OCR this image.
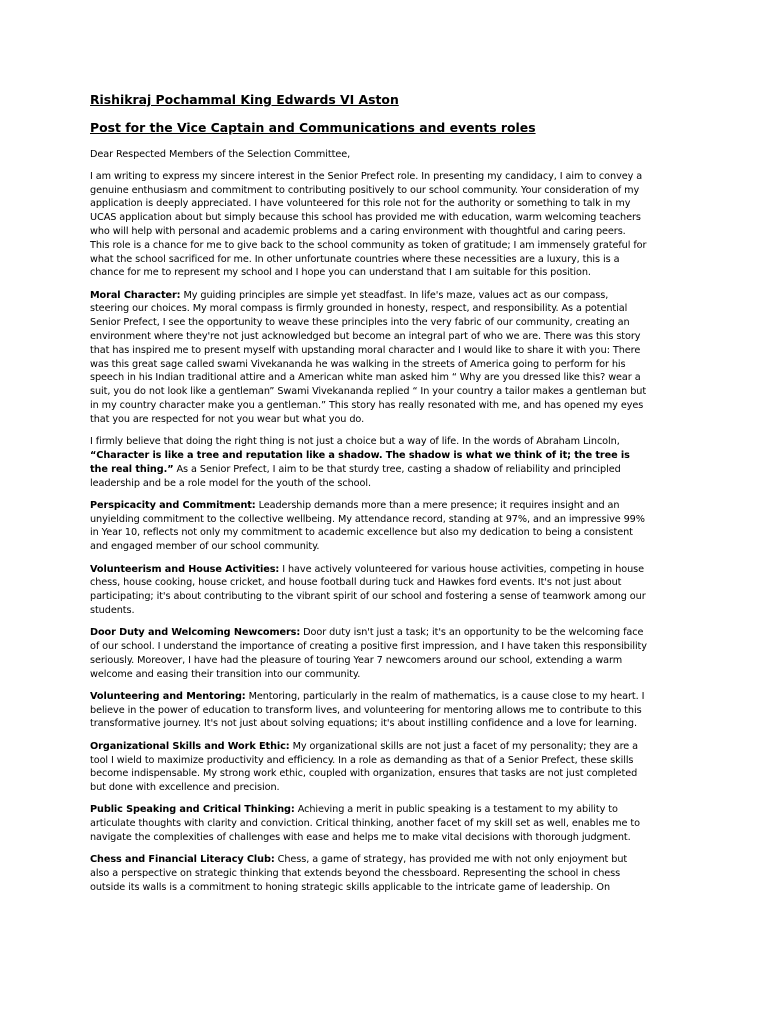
Rishikraj Pochammal King Edwards VI Aston

Post for the Vice Captain and Communications and events roles

Dear Respected Members of the Selection Committee,

I am writing to express my sincere interest in the Senior Prefect role. In presenting my candidacy, I aim to convey a
genuine enthusiasm and commitment to contributing positively to our school community. Your consideration of my
application is deeply appreciated. I have volunteered for this role not for the authority or something to talk in my
UCAS application about but simply because this school has provided me with education, warm welcoming teachers
who will help with personal and academic problems and a caring environment with thoughtful and caring peers.
This role is a chance for me to give back to the school community as token of gratitude; I am immensely grateful for
what the school sacrificed for me. In other unfortunate countries where these necessities are a luxury, this is a
chance for me to represent my school and I hope you can understand that I am suitable for this position.

Moral Character: My guiding principles are simple yet steadfast. In life's maze, values act as our compass,
steering our choices. My moral compass is firmly grounded in honesty, respect, and responsibility. As a potential
Senior Prefect, I see the opportunity to weave these principles into the very fabric of our community, creating an
environment where they're not just acknowledged but become an integral part of who we are. There was this story
that has inspired me to present myself with upstanding moral character and I would like to share it with you: There
was this great sage called swami Vivekananda he was walking in the streets of America going to perform for his
speech in his Indian traditional attire and a American white man asked him “ Why are you dressed like this? wear a
suit, you do not look like a gentleman” Swami Vivekananda replied “ In your country a tailor makes a gentleman but
in my country character make you a gentleman.” This story has really resonated with me, and has opened my eyes
that you are respected for not you wear but what you do.

I firmly believe that doing the right thing is not just a choice but a way of life. In the words of Abraham Lincoln,
“Character is like a tree and reputation like a shadow. The shadow is what we think of it; the tree is
the real thing.” As a Senior Prefect, I aim to be that sturdy tree, casting a shadow of reliability and principled
leadership and be a role model for the youth of the school.

Perspicacity and Commitment: Leadership demands more than a mere presence; it requires insight and an
unyielding commitment to the collective wellbeing. My attendance record, standing at 97%, and an impressive 99%
in Year 10, reflects not only my commitment to academic excellence but also my dedication to being a consistent
and engaged member of our school community.

Volunteerism and House Activities: I have actively volunteered for various house activities, competing in house
chess, house cooking, house cricket, and house football during tuck and Hawkes ford events. It's not just about
participating; it's about contributing to the vibrant spirit of our school and fostering a sense of teamwork among our
students.

Door Duty and Welcoming Newcomers: Door duty isn't just a task; it's an opportunity to be the welcoming face
of our school. I understand the importance of creating a positive first impression, and I have taken this responsibility
seriously. Moreover, I have had the pleasure of touring Year 7 newcomers around our school, extending a warm
welcome and easing their transition into our community.

Volunteering and Mentoring: Mentoring, particularly in the realm of mathematics, is a cause close to my heart. I
believe in the power of education to transform lives, and volunteering for mentoring allows me to contribute to this
transformative journey. It's not just about solving equations; it's about instilling confidence and a love for learning.

Organizational Skills and Work Ethic: My organizational skills are not just a facet of my personality; they are a
tool I wield to maximize productivity and efficiency. In a role as demanding as that of a Senior Prefect, these skills
become indispensable. My strong work ethic, coupled with organization, ensures that tasks are not just completed
but done with excellence and precision.

Public Speaking and Critical Thinking: Achieving a merit in public speaking is a testament to my ability to
articulate thoughts with clarity and conviction. Critical thinking, another facet of my skill set as well, enables me to
navigate the complexities of challenges with ease and helps me to make vital decisions with thorough judgment.

Chess and Financial Literacy Club: Chess, a game of strategy, has provided me with not only enjoyment but
also a perspective on strategic thinking that extends beyond the chessboard. Representing the school in chess
outside its walls is a commitment to honing strategic skills applicable to the intricate game of leadership. On
